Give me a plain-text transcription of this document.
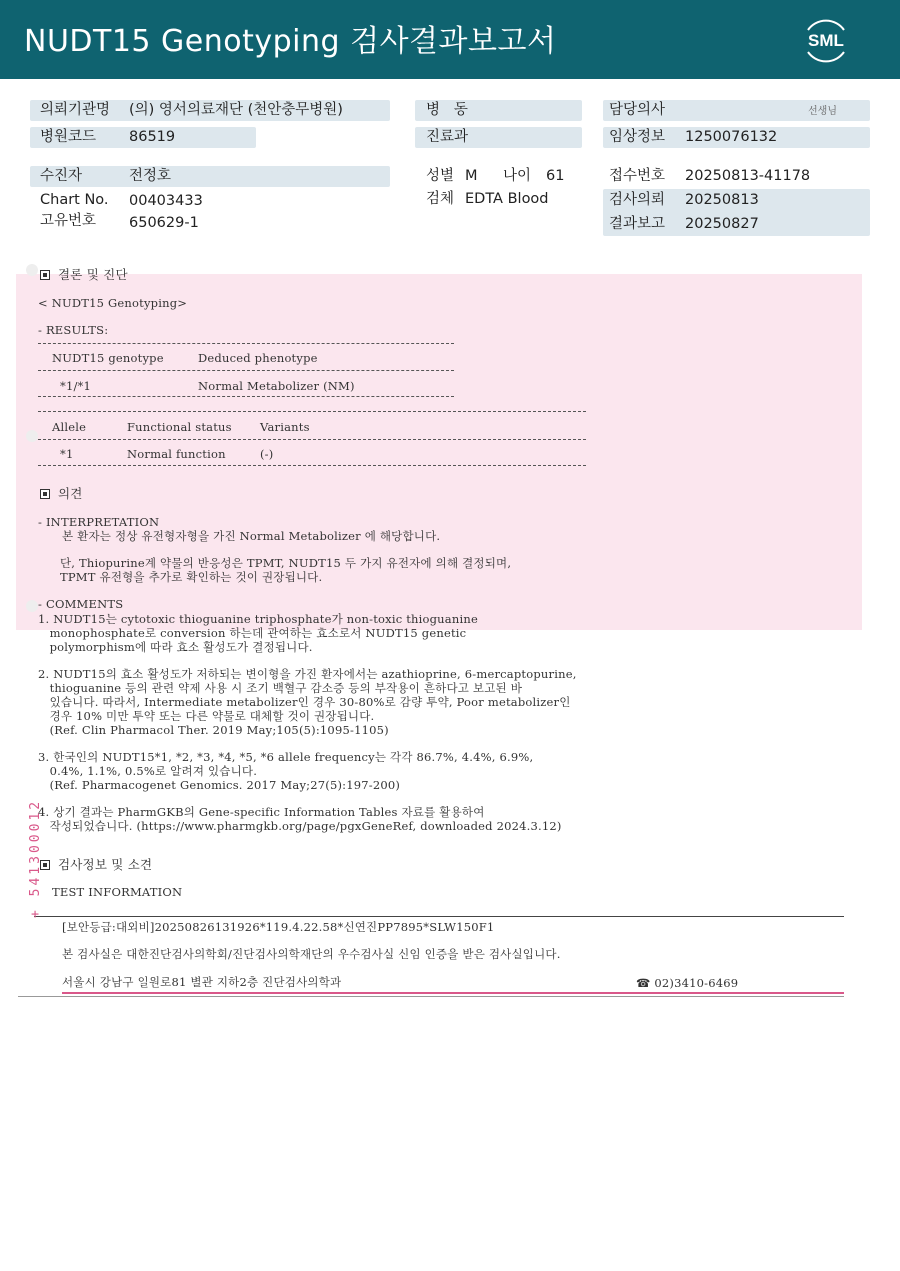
NUDT15 Genotyping 검사결과보고서	SML
의뢰기관명 (의) 영서의료재단 (천안충무병원)
병원코드 86519
수진자	전정호
Chart No. 00403433
고유번호 650629-1
병   동
진료과
성별 M 나이 61
검체 EDTA Blood
담당의사	선생님
임상정보 1250076132
접수번호 20250813-41178
검사의뢰 20250813
결과보고 20250827
결론 및 진단
< NUDT15 Genotyping>
- RESULTS:
NUDT15 genotype	Deduced phenotype
*1/*1	Normal Metabolizer (NM)
Allele	Functional status Variants
*1	Normal function	(-)
의견
- INTERPRETATION
본 환자는 정상 유전형자형을 가진 Normal Metabolizer 에 해당합니다.
단, Thiopurine계 약물의 반응성은 TPMT, NUDT15 두 가지 유전자에 의해 결정되며,
TPMT 유전형을 추가로 확인하는 것이 권장됩니다.
- COMMENTS
1. NUDT15는 cytotoxic thioguanine triphosphate가 non-toxic thioguanine
monophosphate로 conversion 하는데 관여하는 효소로서 NUDT15 genetic
polymorphism에 따라 효소 활성도가 결정됩니다.
2. NUDT15의 효소 활성도가 저하되는 변이형을 가진 환자에서는 azathioprine, 6-mercaptopurine,
thioguanine 등의 관련 약제 사용 시 조기 백혈구 감소증 등의 부작용이 흔하다고 보고된 바
있습니다. 따라서, Intermediate metabolizer인 경우 30-80%로 감량 투약, Poor metabolizer인
경우 10% 미만 투약 또는 다른 약물로 대체할 것이 권장됩니다.
(Ref. Clin Pharmacol Ther. 2019 May;105(5):1095-1105)
3. 한국인의 NUDT15*1, *2, *3, *4, *5, *6 allele frequency는 각각 86.7%, 4.4%, 6.9%,
0.4%, 1.1%, 0.5%로 알려져 있습니다.
(Ref. Pharmacogenet Genomics. 2017 May;27(5):197-200)
4. 상기 결과는 PharmGKB의 Gene-specific Information Tables 자료를 활용하여
작성되었습니다. (https://www.pharmgkb.org/page/pgxGeneRef, downloaded 2024.3.12)
검사정보 및 소견
TEST INFORMATION
[보안등급:대외비]20250826131926*119.4.22.58*신연진PP7895*SLW150F1
본 검사실은 대한진단검사의학회/진단검사의학재단의 우수검사실 신임 인증을 받은 검사실입니다.
서울시 강남구 일원로81 별관 지하2층 진단검사의학과	☎ 02)3410-6469
+ 541300012
